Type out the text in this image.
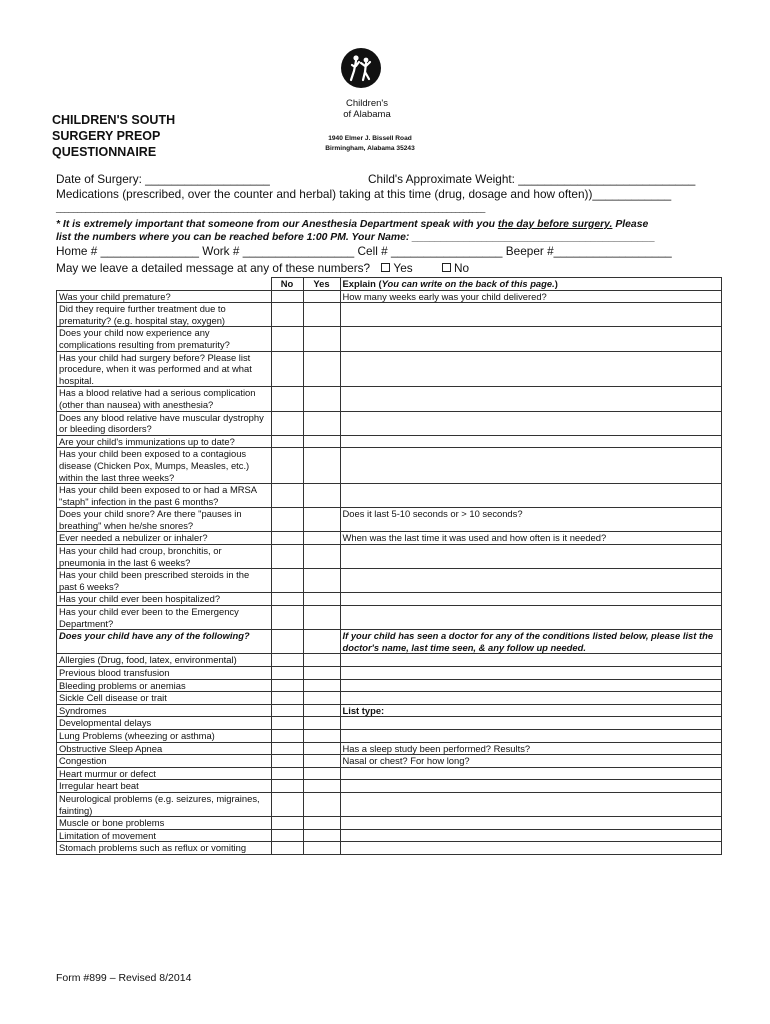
Children's
of Alabama
CHILDREN'S SOUTH
SURGERY PREOP
QUESTIONNAIRE
1940 Elmer J. Bissell Road
Birmingham, Alabama 35243
Date of Surgery: ___________________	Child's Approximate Weight: ___________________________
Medications (prescribed, over the counter and herbal) taking at this time (drug, dosage and how often))____________
_____________________________________________________________________________________________________
* It is extremely important that someone from our Anesthesia Department speak with you the day before surgery. Please
list the numbers where you can be reached before 1:00 PM. Your Name: __________________________________________
Home # _______________ Work # _________________ Cell # _________________ Beeper #__________________
May we leave a detailed message at any of these numbers? Yes	No
	No	Yes	Explain (You can write on the back of this page.)
Was your child premature?			How many weeks early was your child delivered?
Did they require further treatment due to prematurity? (e.g. hospital stay, oxygen)			
Does your child now experience any complications resulting from prematurity?			
Has your child had surgery before? Please list procedure, when it was performed and at what hospital.			
Has a blood relative had a serious complication (other than nausea) with anesthesia?			
Does any blood relative have muscular dystrophy or bleeding disorders?			
Are your child's immunizations up to date?			
Has your child been exposed to a contagious disease (Chicken Pox, Mumps, Measles, etc.) within the last three weeks?			
Has your child been exposed to or had a MRSA "staph" infection in the past 6 months?			
Does your child snore? Are there "pauses in breathing" when he/she snores?			Does it last 5-10 seconds or > 10 seconds?
Ever needed a nebulizer or inhaler?			When was the last time it was used and how often is it needed?
Has your child had croup, bronchitis, or pneumonia in the last 6 weeks?			
Has your child been prescribed steroids in the past 6 weeks?			
Has your child ever been hospitalized?			
Has your child ever been to the Emergency Department?			
Does your child have any of the following?			If your child has seen a doctor for any of the conditions listed below, please list the doctor's name, last time seen, & any follow up needed.
Allergies (Drug, food, latex, environmental)			
Previous blood transfusion			
Bleeding problems or anemias			
Sickle Cell disease or trait			
Syndromes			List type:
Developmental delays			
Lung Problems (wheezing or asthma)			
Obstructive Sleep Apnea			Has a sleep study been performed? Results?
Congestion			Nasal or chest? For how long?
Heart murmur or defect			
Irregular heart beat			
Neurological problems (e.g. seizures, migraines, fainting)			
Muscle or bone problems			
Limitation of movement			
Stomach problems such as reflux or vomiting			
Form #899 – Revised 8/2014
